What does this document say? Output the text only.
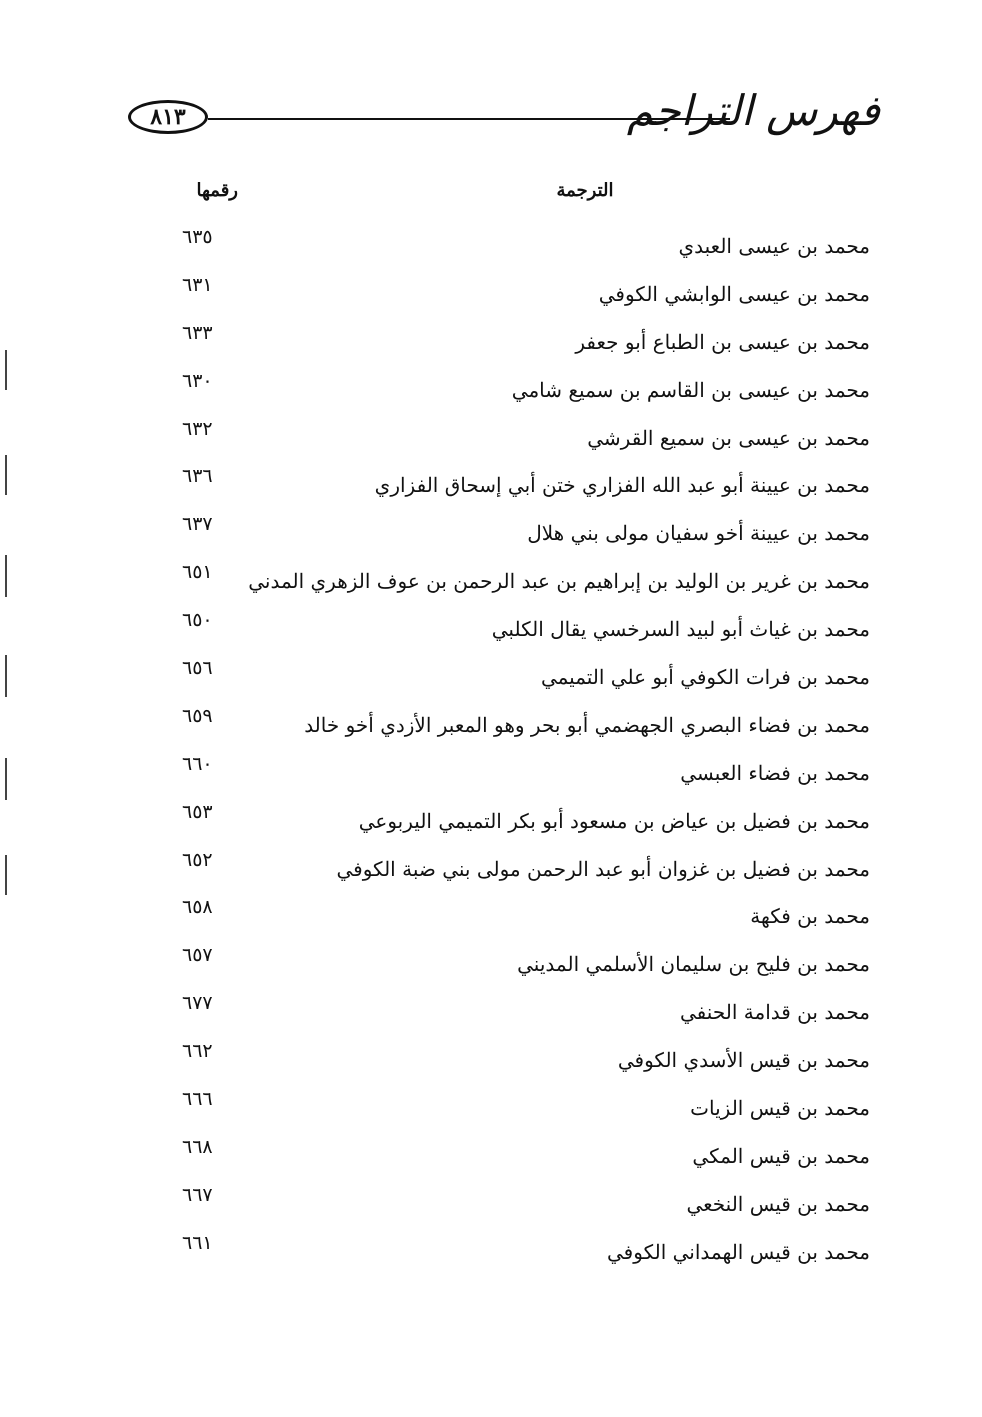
٨١٣	فهرس التراجم
الترجمة
رقمها
محمد بن عيسى العبدي
٦٣٥
محمد بن عيسى الوابشي الكوفي
٦٣١
محمد بن عيسى بن الطباع أبو جعفر
٦٣٣
محمد بن عيسى بن القاسم بن سميع شامي
٦٣٠
محمد بن عيسى بن سميع القرشي
٦٣٢
محمد بن عيينة أبو عبد الله الفزاري ختن أبي إسحاق الفزاري
٦٣٦
محمد بن عيينة أخو سفيان مولى بني هلال
٦٣٧
محمد بن غرير بن الوليد بن إبراهيم بن عبد الرحمن بن عوف الزهري المدني
٦٥١
محمد بن غياث أبو لبيد السرخسي يقال الكلبي
٦٥٠
محمد بن فرات الكوفي أبو علي التميمي
٦٥٦
محمد بن فضاء البصري الجهضمي أبو بحر وهو المعبر الأزدي أخو خالد
٦٥٩
محمد بن فضاء العبسي
٦٦٠
محمد بن فضيل بن عياض بن مسعود أبو بكر التميمي اليربوعي
٦٥٣
محمد بن فضيل بن غزوان أبو عبد الرحمن مولى بني ضبة الكوفي
٦٥٢
محمد بن فكهة
٦٥٨
محمد بن فليح بن سليمان الأسلمي المديني
٦٥٧
محمد بن قدامة الحنفي
٦٧٧
محمد بن قيس الأسدي الكوفي
٦٦٢
محمد بن قيس الزيات
٦٦٦
محمد بن قيس المكي
٦٦٨
محمد بن قيس النخعي
٦٦٧
محمد بن قيس الهمداني الكوفي
٦٦١
